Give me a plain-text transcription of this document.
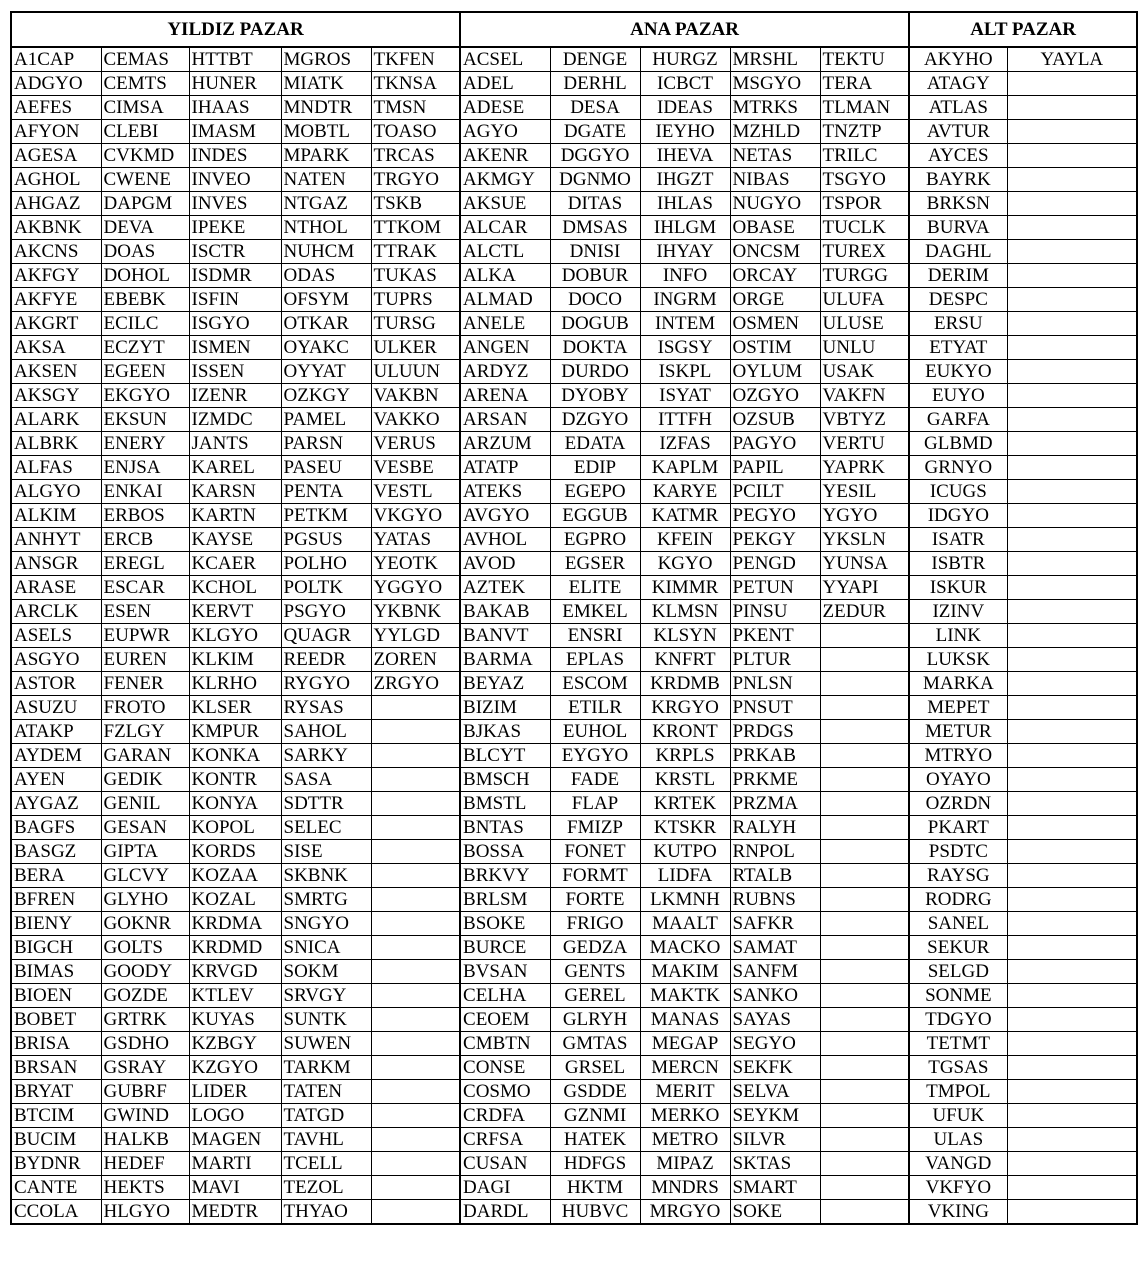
YILDIZ PAZAR					ANA PAZAR					ALT PAZAR	
A1CAP	CEMAS	HTTBT	MGROS	TKFEN	ACSEL	DENGE	HURGZ	MRSHL	TEKTU	AKYHO	YAYLA
ADGYO	CEMTS	HUNER	MIATK	TKNSA	ADEL	DERHL	ICBCT	MSGYO	TERA	ATAGY	
AEFES	CIMSA	IHAAS	MNDTR	TMSN	ADESE	DESA	IDEAS	MTRKS	TLMAN	ATLAS	
AFYON	CLEBI	IMASM	MOBTL	TOASO	AGYO	DGATE	IEYHO	MZHLD	TNZTP	AVTUR	
AGESA	CVKMD	INDES	MPARK	TRCAS	AKENR	DGGYO	IHEVA	NETAS	TRILC	AYCES	
AGHOL	CWENE	INVEO	NATEN	TRGYO	AKMGY	DGNMO	IHGZT	NIBAS	TSGYO	BAYRK	
AHGAZ	DAPGM	INVES	NTGAZ	TSKB	AKSUE	DITAS	IHLAS	NUGYO	TSPOR	BRKSN	
AKBNK	DEVA	IPEKE	NTHOL	TTKOM	ALCAR	DMSAS	IHLGM	OBASE	TUCLK	BURVA	
AKCNS	DOAS	ISCTR	NUHCM	TTRAK	ALCTL	DNISI	IHYAY	ONCSM	TUREX	DAGHL	
AKFGY	DOHOL	ISDMR	ODAS	TUKAS	ALKA	DOBUR	INFO	ORCAY	TURGG	DERIM	
AKFYE	EBEBK	ISFIN	OFSYM	TUPRS	ALMAD	DOCO	INGRM	ORGE	ULUFA	DESPC	
AKGRT	ECILC	ISGYO	OTKAR	TURSG	ANELE	DOGUB	INTEM	OSMEN	ULUSE	ERSU	
AKSA	ECZYT	ISMEN	OYAKC	ULKER	ANGEN	DOKTA	ISGSY	OSTIM	UNLU	ETYAT	
AKSEN	EGEEN	ISSEN	OYYAT	ULUUN	ARDYZ	DURDO	ISKPL	OYLUM	USAK	EUKYO	
AKSGY	EKGYO	IZENR	OZKGY	VAKBN	ARENA	DYOBY	ISYAT	OZGYO	VAKFN	EUYO	
ALARK	EKSUN	IZMDC	PAMEL	VAKKO	ARSAN	DZGYO	ITTFH	OZSUB	VBTYZ	GARFA	
ALBRK	ENERY	JANTS	PARSN	VERUS	ARZUM	EDATA	IZFAS	PAGYO	VERTU	GLBMD	
ALFAS	ENJSA	KAREL	PASEU	VESBE	ATATP	EDIP	KAPLM	PAPIL	YAPRK	GRNYO	
ALGYO	ENKAI	KARSN	PENTA	VESTL	ATEKS	EGEPO	KARYE	PCILT	YESIL	ICUGS	
ALKIM	ERBOS	KARTN	PETKM	VKGYO	AVGYO	EGGUB	KATMR	PEGYO	YGYO	IDGYO	
ANHYT	ERCB	KAYSE	PGSUS	YATAS	AVHOL	EGPRO	KFEIN	PEKGY	YKSLN	ISATR	
ANSGR	EREGL	KCAER	POLHO	YEOTK	AVOD	EGSER	KGYO	PENGD	YUNSA	ISBTR	
ARASE	ESCAR	KCHOL	POLTK	YGGYO	AZTEK	ELITE	KIMMR	PETUN	YYAPI	ISKUR	
ARCLK	ESEN	KERVT	PSGYO	YKBNK	BAKAB	EMKEL	KLMSN	PINSU	ZEDUR	IZINV	
ASELS	EUPWR	KLGYO	QUAGR	YYLGD	BANVT	ENSRI	KLSYN	PKENT		LINK	
ASGYO	EUREN	KLKIM	REEDR	ZOREN	BARMA	EPLAS	KNFRT	PLTUR		LUKSK	
ASTOR	FENER	KLRHO	RYGYO	ZRGYO	BEYAZ	ESCOM	KRDMB	PNLSN		MARKA	
ASUZU	FROTO	KLSER	RYSAS		BIZIM	ETILR	KRGYO	PNSUT		MEPET	
ATAKP	FZLGY	KMPUR	SAHOL		BJKAS	EUHOL	KRONT	PRDGS		METUR	
AYDEM	GARAN	KONKA	SARKY		BLCYT	EYGYO	KRPLS	PRKAB		MTRYO	
AYEN	GEDIK	KONTR	SASA		BMSCH	FADE	KRSTL	PRKME		OYAYO	
AYGAZ	GENIL	KONYA	SDTTR		BMSTL	FLAP	KRTEK	PRZMA		OZRDN	
BAGFS	GESAN	KOPOL	SELEC		BNTAS	FMIZP	KTSKR	RALYH		PKART	
BASGZ	GIPTA	KORDS	SISE		BOSSA	FONET	KUTPO	RNPOL		PSDTC	
BERA	GLCVY	KOZAA	SKBNK		BRKVY	FORMT	LIDFA	RTALB		RAYSG	
BFREN	GLYHO	KOZAL	SMRTG		BRLSM	FORTE	LKMNH	RUBNS		RODRG	
BIENY	GOKNR	KRDMA	SNGYO		BSOKE	FRIGO	MAALT	SAFKR		SANEL	
BIGCH	GOLTS	KRDMD	SNICA		BURCE	GEDZA	MACKO	SAMAT		SEKUR	
BIMAS	GOODY	KRVGD	SOKM		BVSAN	GENTS	MAKIM	SANFM		SELGD	
BIOEN	GOZDE	KTLEV	SRVGY		CELHA	GEREL	MAKTK	SANKO		SONME	
BOBET	GRTRK	KUYAS	SUNTK		CEOEM	GLRYH	MANAS	SAYAS		TDGYO	
BRISA	GSDHO	KZBGY	SUWEN		CMBTN	GMTAS	MEGAP	SEGYO		TETMT	
BRSAN	GSRAY	KZGYO	TARKM		CONSE	GRSEL	MERCN	SEKFK		TGSAS	
BRYAT	GUBRF	LIDER	TATEN		COSMO	GSDDE	MERIT	SELVA		TMPOL	
BTCIM	GWIND	LOGO	TATGD		CRDFA	GZNMI	MERKO	SEYKM		UFUK	
BUCIM	HALKB	MAGEN	TAVHL		CRFSA	HATEK	METRO	SILVR		ULAS	
BYDNR	HEDEF	MARTI	TCELL		CUSAN	HDFGS	MIPAZ	SKTAS		VANGD	
CANTE	HEKTS	MAVI	TEZOL		DAGI	HKTM	MNDRS	SMART		VKFYO	
CCOLA	HLGYO	MEDTR	THYAO		DARDL	HUBVC	MRGYO	SOKE		VKING	
